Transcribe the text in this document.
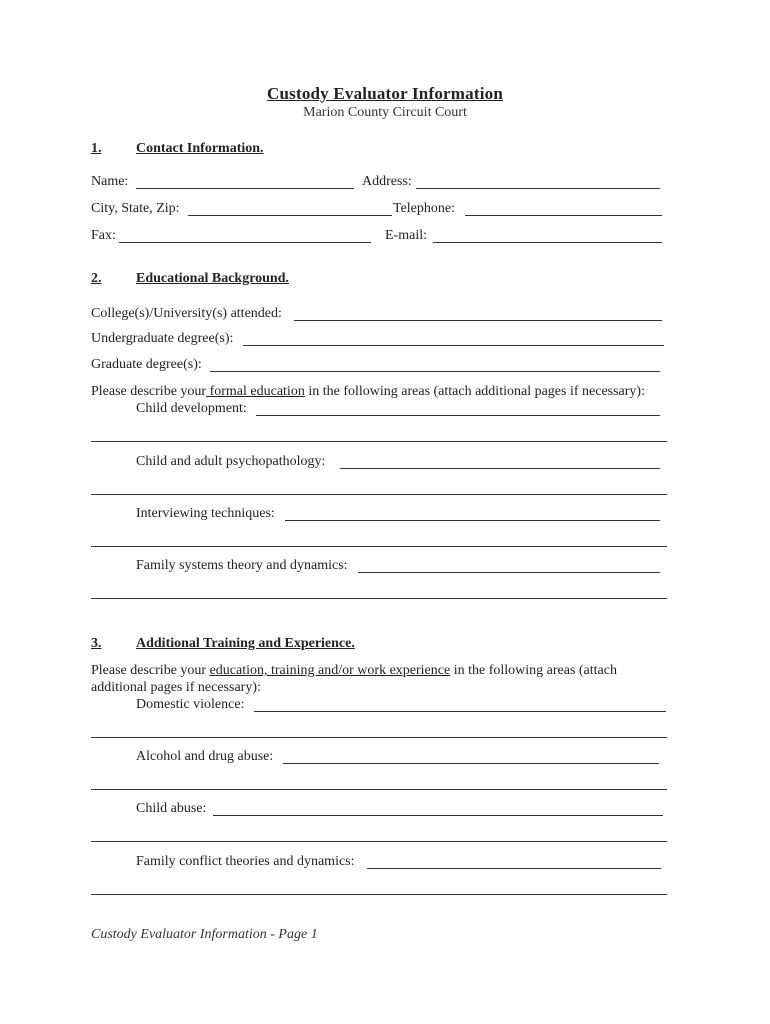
Custody Evaluator Information
Marion County Circuit Court
1. Contact Information.
Name:	Address:
City, State, Zip:	Telephone:
Fax:	E-mail:
2. Educational Background.
College(s)/University(s) attended:
Undergraduate degree(s):
Graduate degree(s):
Please describe your formal education in the following areas (attach additional pages if necessary):
Child development:
Child and adult psychopathology:
Interviewing techniques:
Family systems theory and dynamics:
3. Additional Training and Experience.
Please describe your education, training and/or work experience in the following areas (attach
additional pages if necessary):
Domestic violence:
Alcohol and drug abuse:
Child abuse:
Family conflict theories and dynamics:
Custody Evaluator Information - Page 1
